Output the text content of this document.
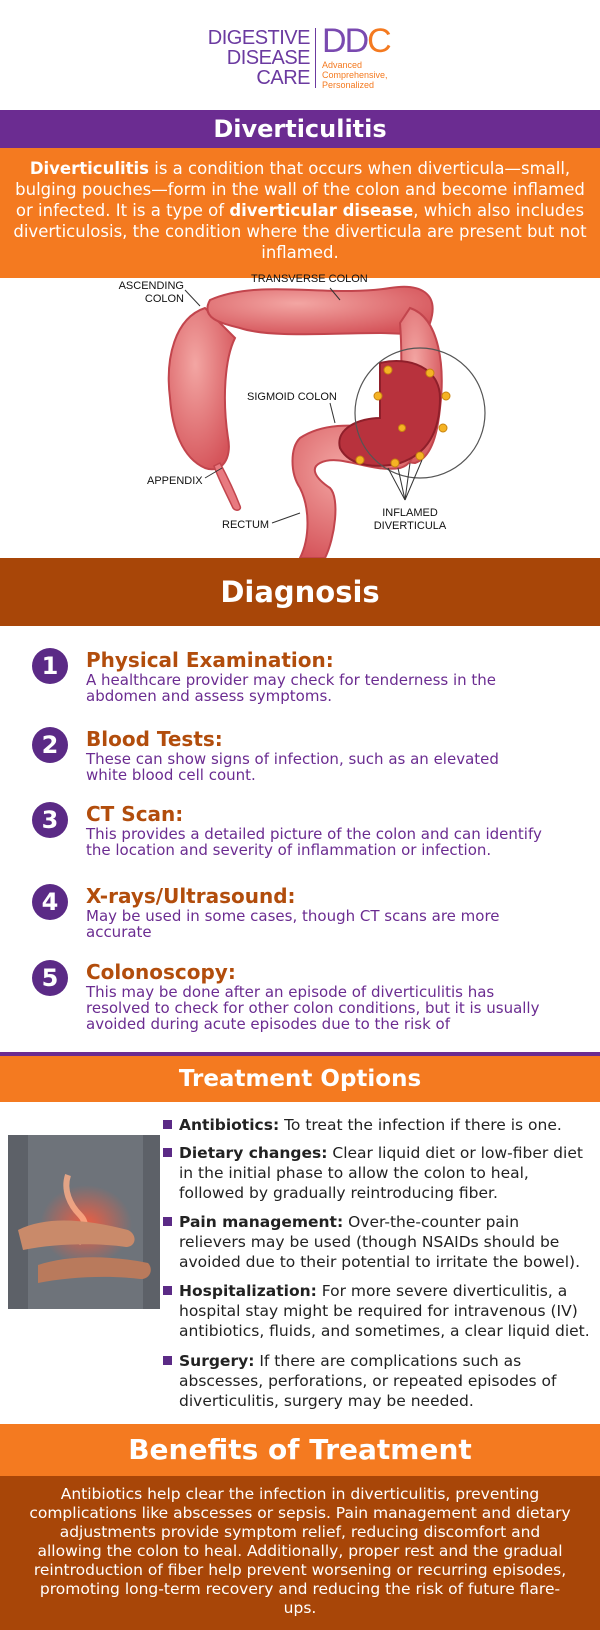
DIGESTIVE
DISEASE
CARE
DDC
Advanced
Comprehensive,
Personalized
Diverticulitis
Diverticulitis is a condition that occurs when diverticula—small, bulging pouches—form in the wall of the colon and become inflamed or infected. It is a type of diverticular disease, which also includes diverticulosis, the condition where the diverticula are present but not inflamed.
ASCENDING
COLON
TRANSVERSE COLON
SIGMOID COLON
APPENDIX
RECTUM
INFLAMED
DIVERTICULA
Diagnosis
1	Physical Examination:
A healthcare provider may check for tenderness in the
abdomen and assess symptoms.
2	Blood Tests:
These can show signs of infection, such as an elevated
white blood cell count.
3	CT Scan:
This provides a detailed picture of the colon and can identify
the location and severity of inflammation or infection.
4	X-rays/Ultrasound:
May be used in some cases, though CT scans are more
accurate
5	Colonoscopy:
This may be done after an episode of diverticulitis has
resolved to check for other colon conditions, but it is usually
avoided during acute episodes due to the risk of
Treatment Options
Antibiotics: To treat the infection if there is one.
Dietary changes: Clear liquid diet or low-fiber diet
in the initial phase to allow the colon to heal,
followed by gradually reintroducing fiber.
Pain management: Over-the-counter pain
relievers may be used (though NSAIDs should be
avoided due to their potential to irritate the bowel).
Hospitalization: For more severe diverticulitis, a
hospital stay might be required for intravenous (IV)
antibiotics, fluids, and sometimes, a clear liquid diet.
Surgery: If there are complications such as
abscesses, perforations, or repeated episodes of
diverticulitis, surgery may be needed.
Benefits of Treatment
Antibiotics help clear the infection in diverticulitis, preventing complications like abscesses or sepsis. Pain management and dietary adjustments provide symptom relief, reducing discomfort and allowing the colon to heal. Additionally, proper rest and the gradual reintroduction of fiber help prevent worsening or recurring episodes, promoting long-term recovery and reducing the risk of future flare-ups.
